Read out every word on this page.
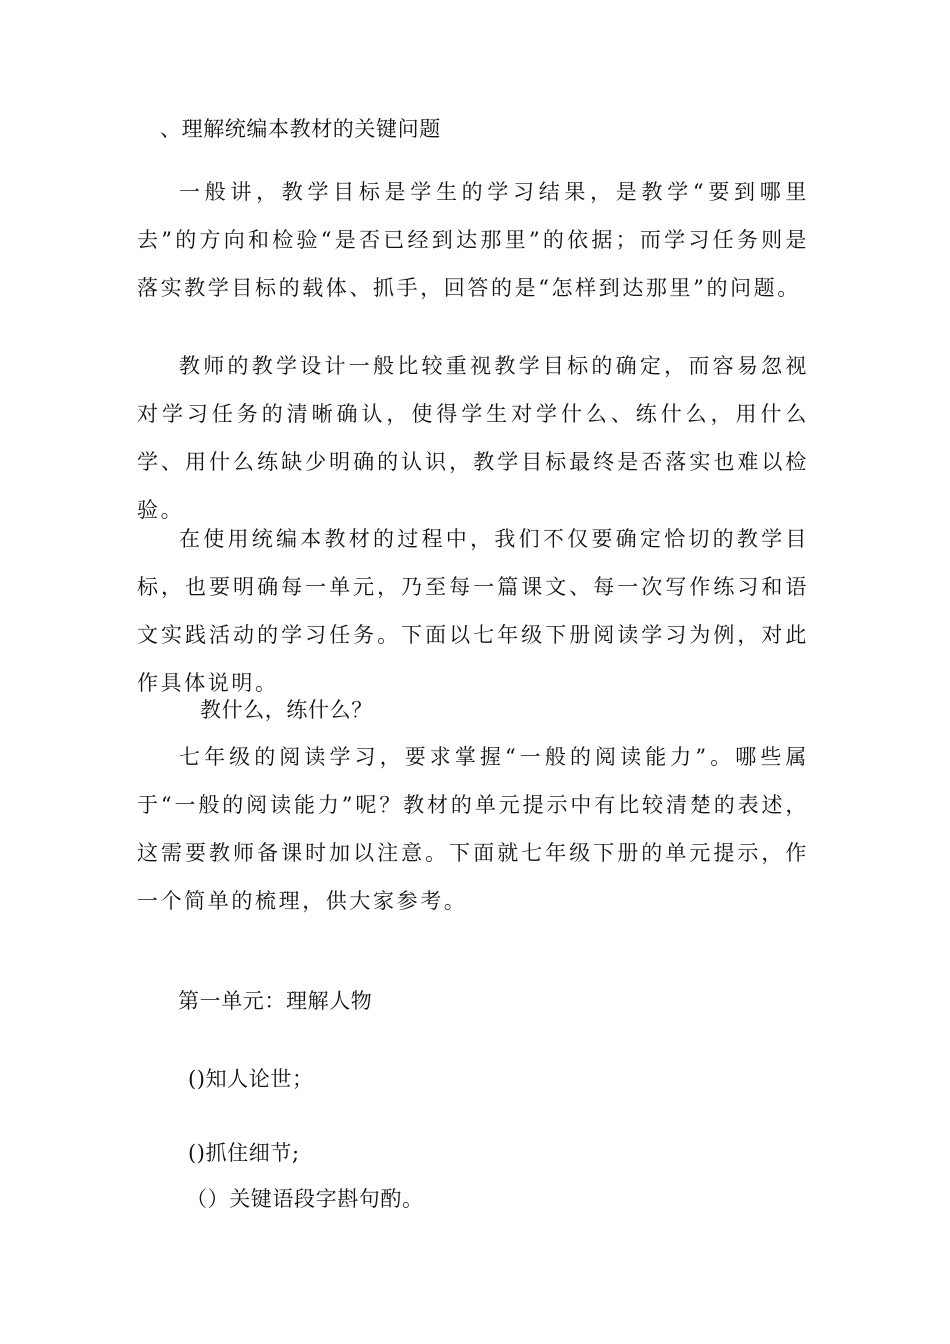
、理解统编本教材的关键问题
一般讲，教学目标是学生的学习结果，是教学“要到哪里去”的方向和检验“是否已经到达那里”的依据；而学习任务则是落实教学目标的载体、抓手，回答的是“怎样到达那里”的问题。
教师的教学设计一般比较重视教学目标的确定，而容易忽视对学习任务的清晰确认，使得学生对学什么、练什么，用什么学、用什么练缺少明确的认识，教学目标最终是否落实也难以检验。
在使用统编本教材的过程中，我们不仅要确定恰切的教学目标，也要明确每一单元，乃至每一篇课文、每一次写作练习和语文实践活动的学习任务。下面以七年级下册阅读学习为例，对此作具体说明。
教什么，练什么？
七年级的阅读学习，要求掌握“一般的阅读能力”。哪些属于“一般的阅读能力”呢？教材的单元提示中有比较清楚的表述，这需要教师备课时加以注意。下面就七年级下册的单元提示，作一个简单的梳理，供大家参考。
第一单元：理解人物
()知人论世；
()抓住细节;
（）关键语段字斟句酌。
